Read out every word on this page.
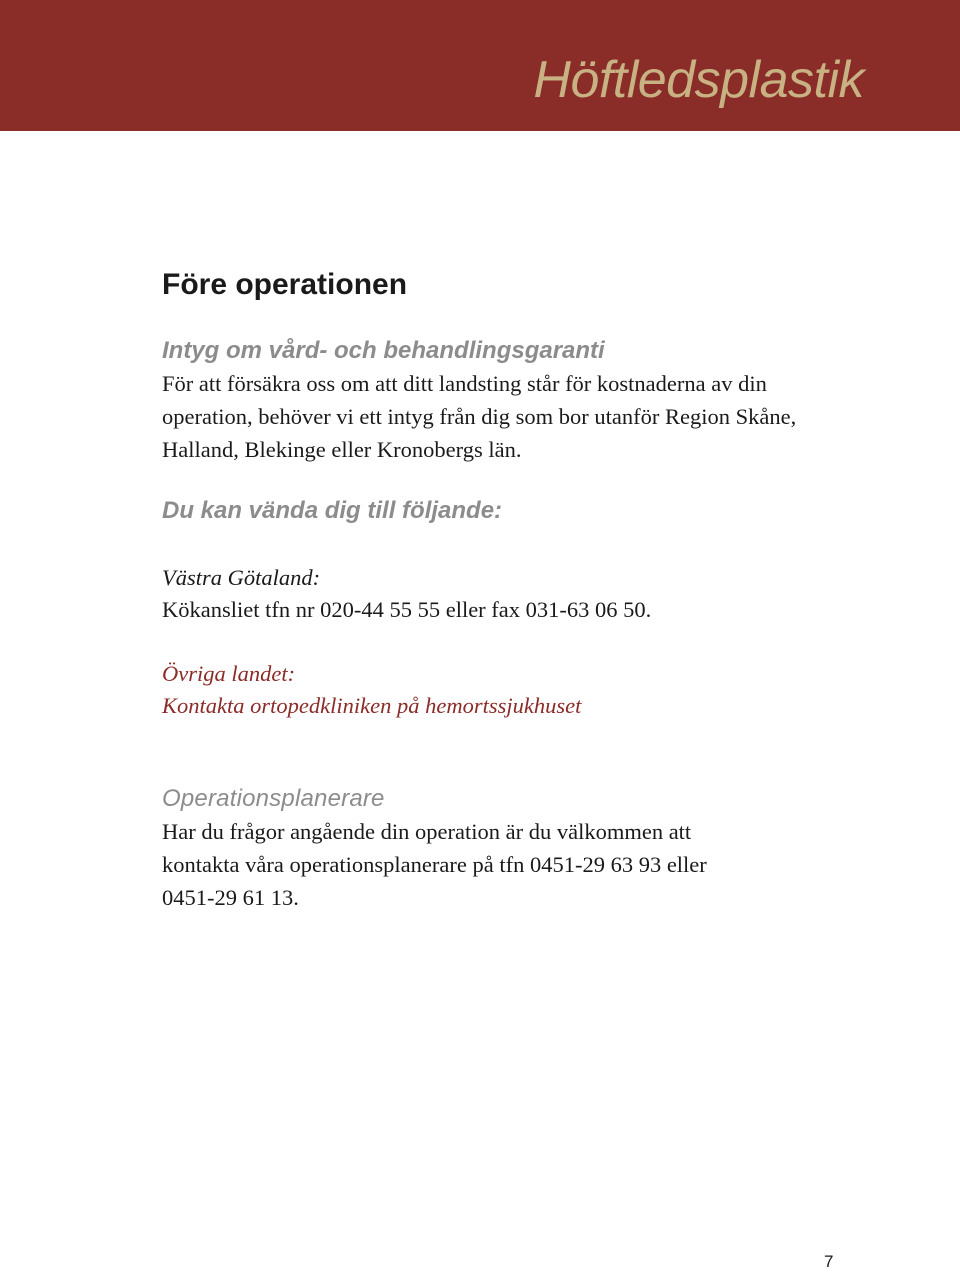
Höftledsplastik
Före operationen
Intyg om vård- och behandlingsgaranti

För att försäkra oss om att ditt landsting står för kostnaderna av din
operation, behöver vi ett intyg från dig som bor utanför Region Skåne,
Halland, Blekinge eller Kronobergs län.

Du kan vända dig till följande:

Västra Götaland:

Kökansliet tfn nr 020-44 55 55 eller fax 031-63 06 50.

Övriga landet:

Kontakta ortopedkliniken på hemortssjukhuset

Operationsplanerare

Har du frågor angående din operation är du välkommen att
kontakta våra operationsplanerare på tfn 0451-29 63 93 eller
0451-29 61 13.

7
